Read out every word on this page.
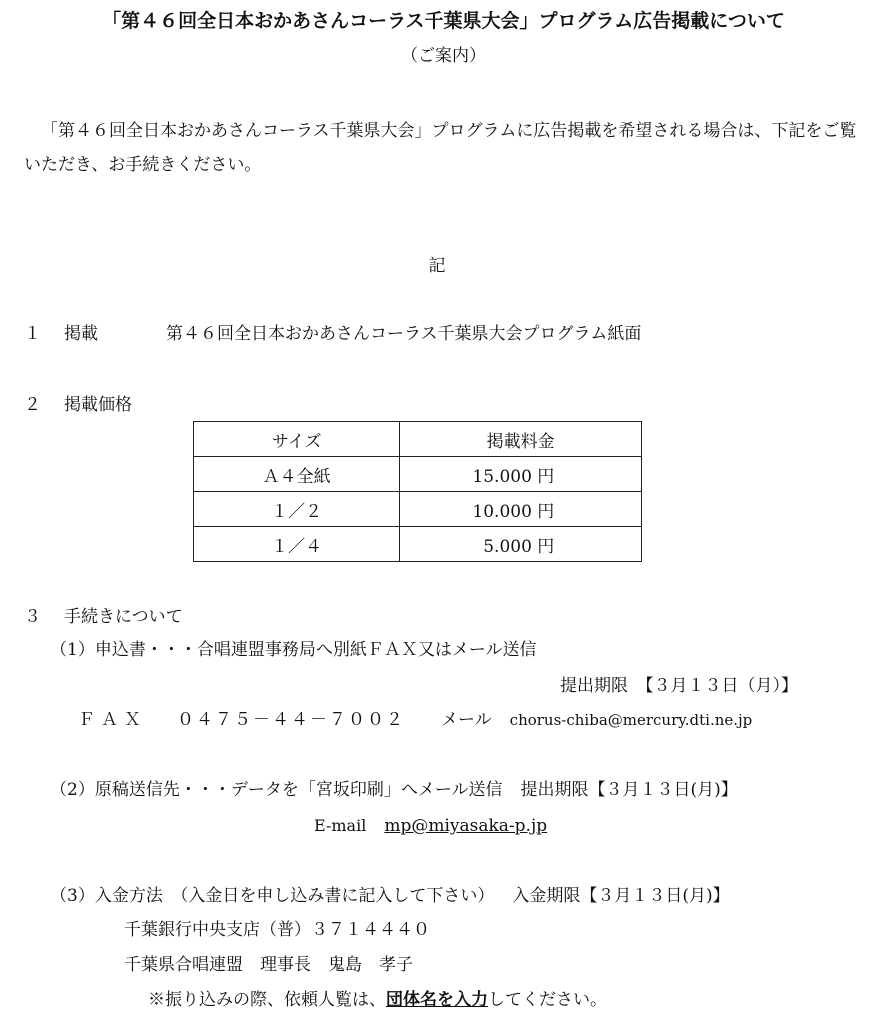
「第４６回全日本おかあさんコーラス千葉県大会」プログラム広告掲載について
（ご案内）
「第４６回全日本おかあさんコーラス千葉県大会」プログラムに広告掲載を希望される場合は、下記をご覧いただき、お手続きください。
記
１ 掲載	第４６回全日本おかあさんコーラス千葉県大会プログラム紙面
２ 掲載価格
サイズ	掲載料金
Ａ４全紙	15.000 円
１／２	10.000 円
１／４	5.000 円
３ 手続きについて
（1）申込書・・・合唱連盟事務局へ別紙ＦＡＸ又はメール送信
提出期限　【３月１３日（月）】
ＦＡＸ ０４７５－４４－７００２ メール chorus-chiba@mercury.dti.ne.jp
（2）原稿送信先・・・データを「宮坂印刷」へメール送信 提出期限【３月１３日(月)】
E-mail mp@miyasaka-p.jp
（3）入金方法　（入金日を申し込み書に記入して下さい） 入金期限【３月１３日(月)】
千葉銀行中央支店（普）３７１４４４０
千葉県合唱連盟　理事長　鬼島　孝子
※振り込みの際、依頼人覧は、団体名を入力してください。
